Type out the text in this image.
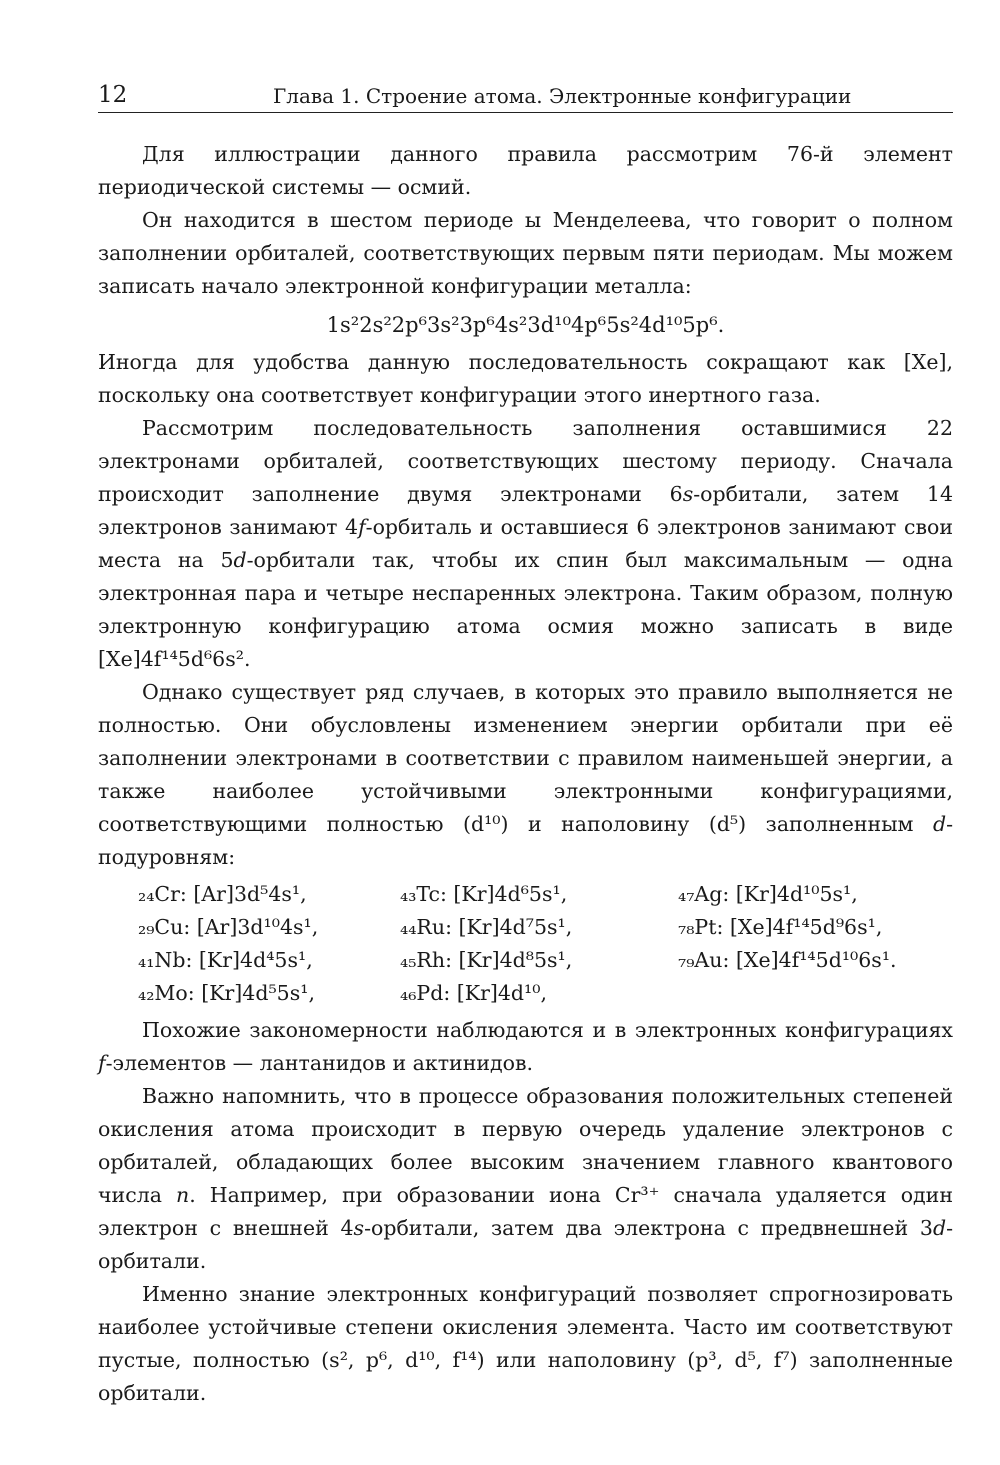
12	Глава 1. Строение атома. Электронные конфигурации

Для иллюстрации данного правила рассмотрим 76-й элемент периодической системы — осмий.

Он находится в шестом периоде ы Менделеева, что говорит о полном заполнении орбиталей, соответствующих первым пяти периодам. Мы можем записать начало электронной конфигурации металла:

1s²2s²2p⁶3s²3p⁶4s²3d¹⁰4p⁶5s²4d¹⁰5p⁶.

Иногда для удобства данную последовательность сокращают как [Xe], поскольку она соответствует конфигурации этого инертного газа.

Рассмотрим последовательность заполнения оставшимися 22 электронами орбиталей, соответствующих шестому периоду. Сначала происходит заполнение двумя электронами 6s-орбитали, затем 14 электронов занимают 4f-орбиталь и оставшиеся 6 электронов занимают свои места на 5d-орбитали так, чтобы их спин был максимальным — одна электронная пара и четыре неспаренных электрона. Таким образом, полную электронную конфигурацию атома осмия можно записать в виде [Xe]4f¹⁴5d⁶6s².

Однако существует ряд случаев, в которых это правило выполняется не полностью. Они обусловлены изменением энергии орбитали при её заполнении электронами в соответствии с правилом наименьшей энергии, а также наиболее устойчивыми электронными конфигурациями, соответствующими полностью (d¹⁰) и наполовину (d⁵) заполненным d-подуровням:

₂₄Cr: [Ar]3d⁵4s¹,	₄₃Tc: [Kr]4d⁶5s¹,	₄₇Ag: [Kr]4d¹⁰5s¹,
₂₉Cu: [Ar]3d¹⁰4s¹,	₄₄Ru: [Kr]4d⁷5s¹,	₇₈Pt: [Xe]4f¹⁴5d⁹6s¹,
₄₁Nb: [Kr]4d⁴5s¹,	₄₅Rh: [Kr]4d⁸5s¹,	₇₉Au: [Xe]4f¹⁴5d¹⁰6s¹.
₄₂Mo: [Kr]4d⁵5s¹,	₄₆Pd: [Kr]4d¹⁰,

Похожие закономерности наблюдаются и в электронных конфигурациях f-элементов — лантанидов и актинидов.

Важно напомнить, что в процессе образования положительных степеней окисления атома происходит в первую очередь удаление электронов с орбиталей, обладающих более высоким значением главного квантового числа n. Например, при образовании иона Cr³⁺ сначала удаляется один электрон с внешней 4s-орбитали, затем два электрона с предвнешней 3d-орбитали.

Именно знание электронных конфигураций позволяет спрогнозировать наиболее устойчивые степени окисления элемента. Часто им соответствуют пустые, полностью (s², p⁶, d¹⁰, f¹⁴) или наполовину (p³, d⁵, f⁷) заполненные орбитали.
